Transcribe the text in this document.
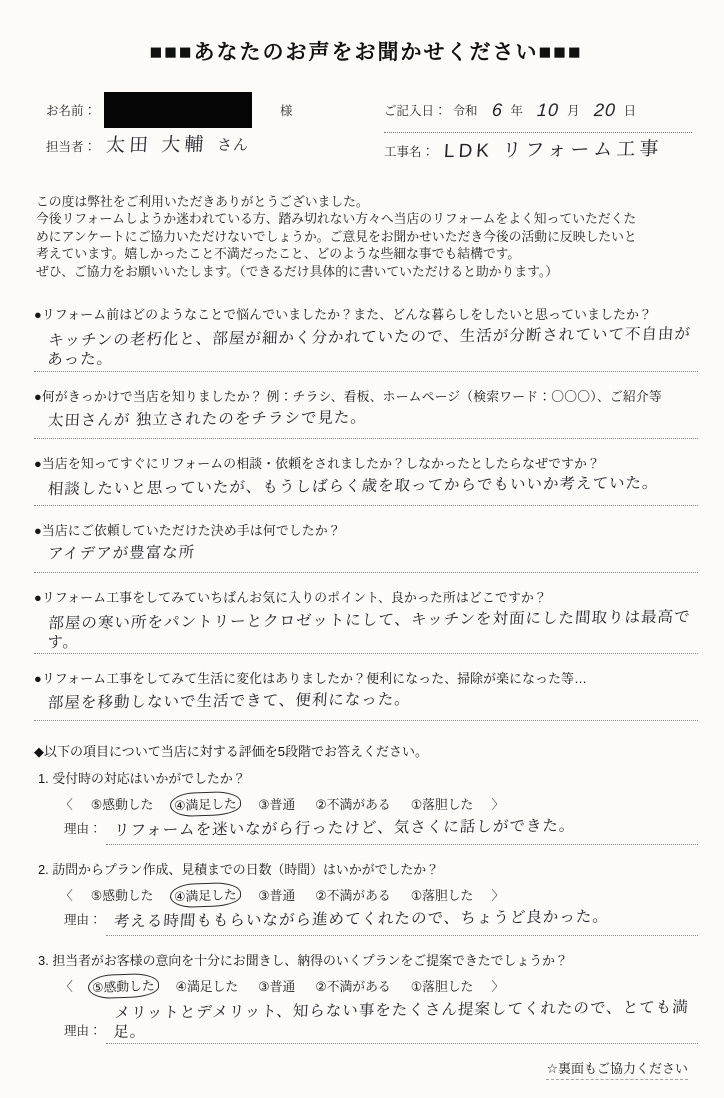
■■■あなたのお声をお聞かせください■■■
お名前：	様
担当者： 太田 大輔 さん
ご記入日： 令和 6 年 10 月 20 日
工事名： LDK リフォーム工事
この度は弊社をご利用いただきありがとうございました。
今後リフォームしようか迷われている方、踏み切れない方々へ当店のリフォームをよく知っていただくた
めにアンケートにご協力いただけないでしょうか。ご意見をお聞かせいただき今後の活動に反映したいと
考えています。嬉しかったこと不満だったこと、どのような些細な事でも結構です。
ぜひ、ご協力をお願いいたします。（できるだけ具体的に書いていただけると助かります。）
●リフォーム前はどのようなことで悩んでいましたか？また、どんな暮らしをしたいと思っていましたか？
キッチンの老朽化と、部屋が細かく分かれていたので、生活が分断されていて不自由があった。
●何がきっかけで当店を知りましたか？ 例：チラシ、看板、ホームページ（検索ワード：〇〇〇）、ご紹介等
太田さんが 独立されたのをチラシで見た。
●当店を知ってすぐにリフォームの相談・依頼をされましたか？しなかったとしたらなぜですか？
相談したいと思っていたが、もうしばらく歳を取ってからでもいいか考えていた。
●当店にご依頼していただけた決め手は何でしたか？
アイデアが豊富な所
●リフォーム工事をしてみていちばんお気に入りのポイント、良かった所はどこですか？
部屋の寒い所をパントリーとクロゼットにして、キッチンを対面にした間取りは最高です。
●リフォーム工事をしてみて生活に変化はありましたか？便利になった、掃除が楽になった等…
部屋を移動しないで生活できて、便利になった。
◆以下の項目について当店に対する評価を5段階でお答えください。
1. 受付時の対応はいかがでしたか？
〈 ⑤感動した ④満足した ③普通 ②不満がある ①落胆した 〉
理由： リフォームを迷いながら行ったけど、気さくに話しができた。
2. 訪問からプラン作成、見積までの日数（時間）はいかがでしたか？
〈 ⑤感動した ④満足した ③普通 ②不満がある ①落胆した 〉
理由： 考える時間ももらいながら進めてくれたので、ちょうど良かった。
3. 担当者がお客様の意向を十分にお聞きし、納得のいくプランをご提案できたでしょうか？
〈 ⑤感動した ④満足した ③普通 ②不満がある ①落胆した 〉
理由：
メリットとデメリット、知らない事をたくさん提案してくれたので、とても満足。
☆裏面もご協力ください
